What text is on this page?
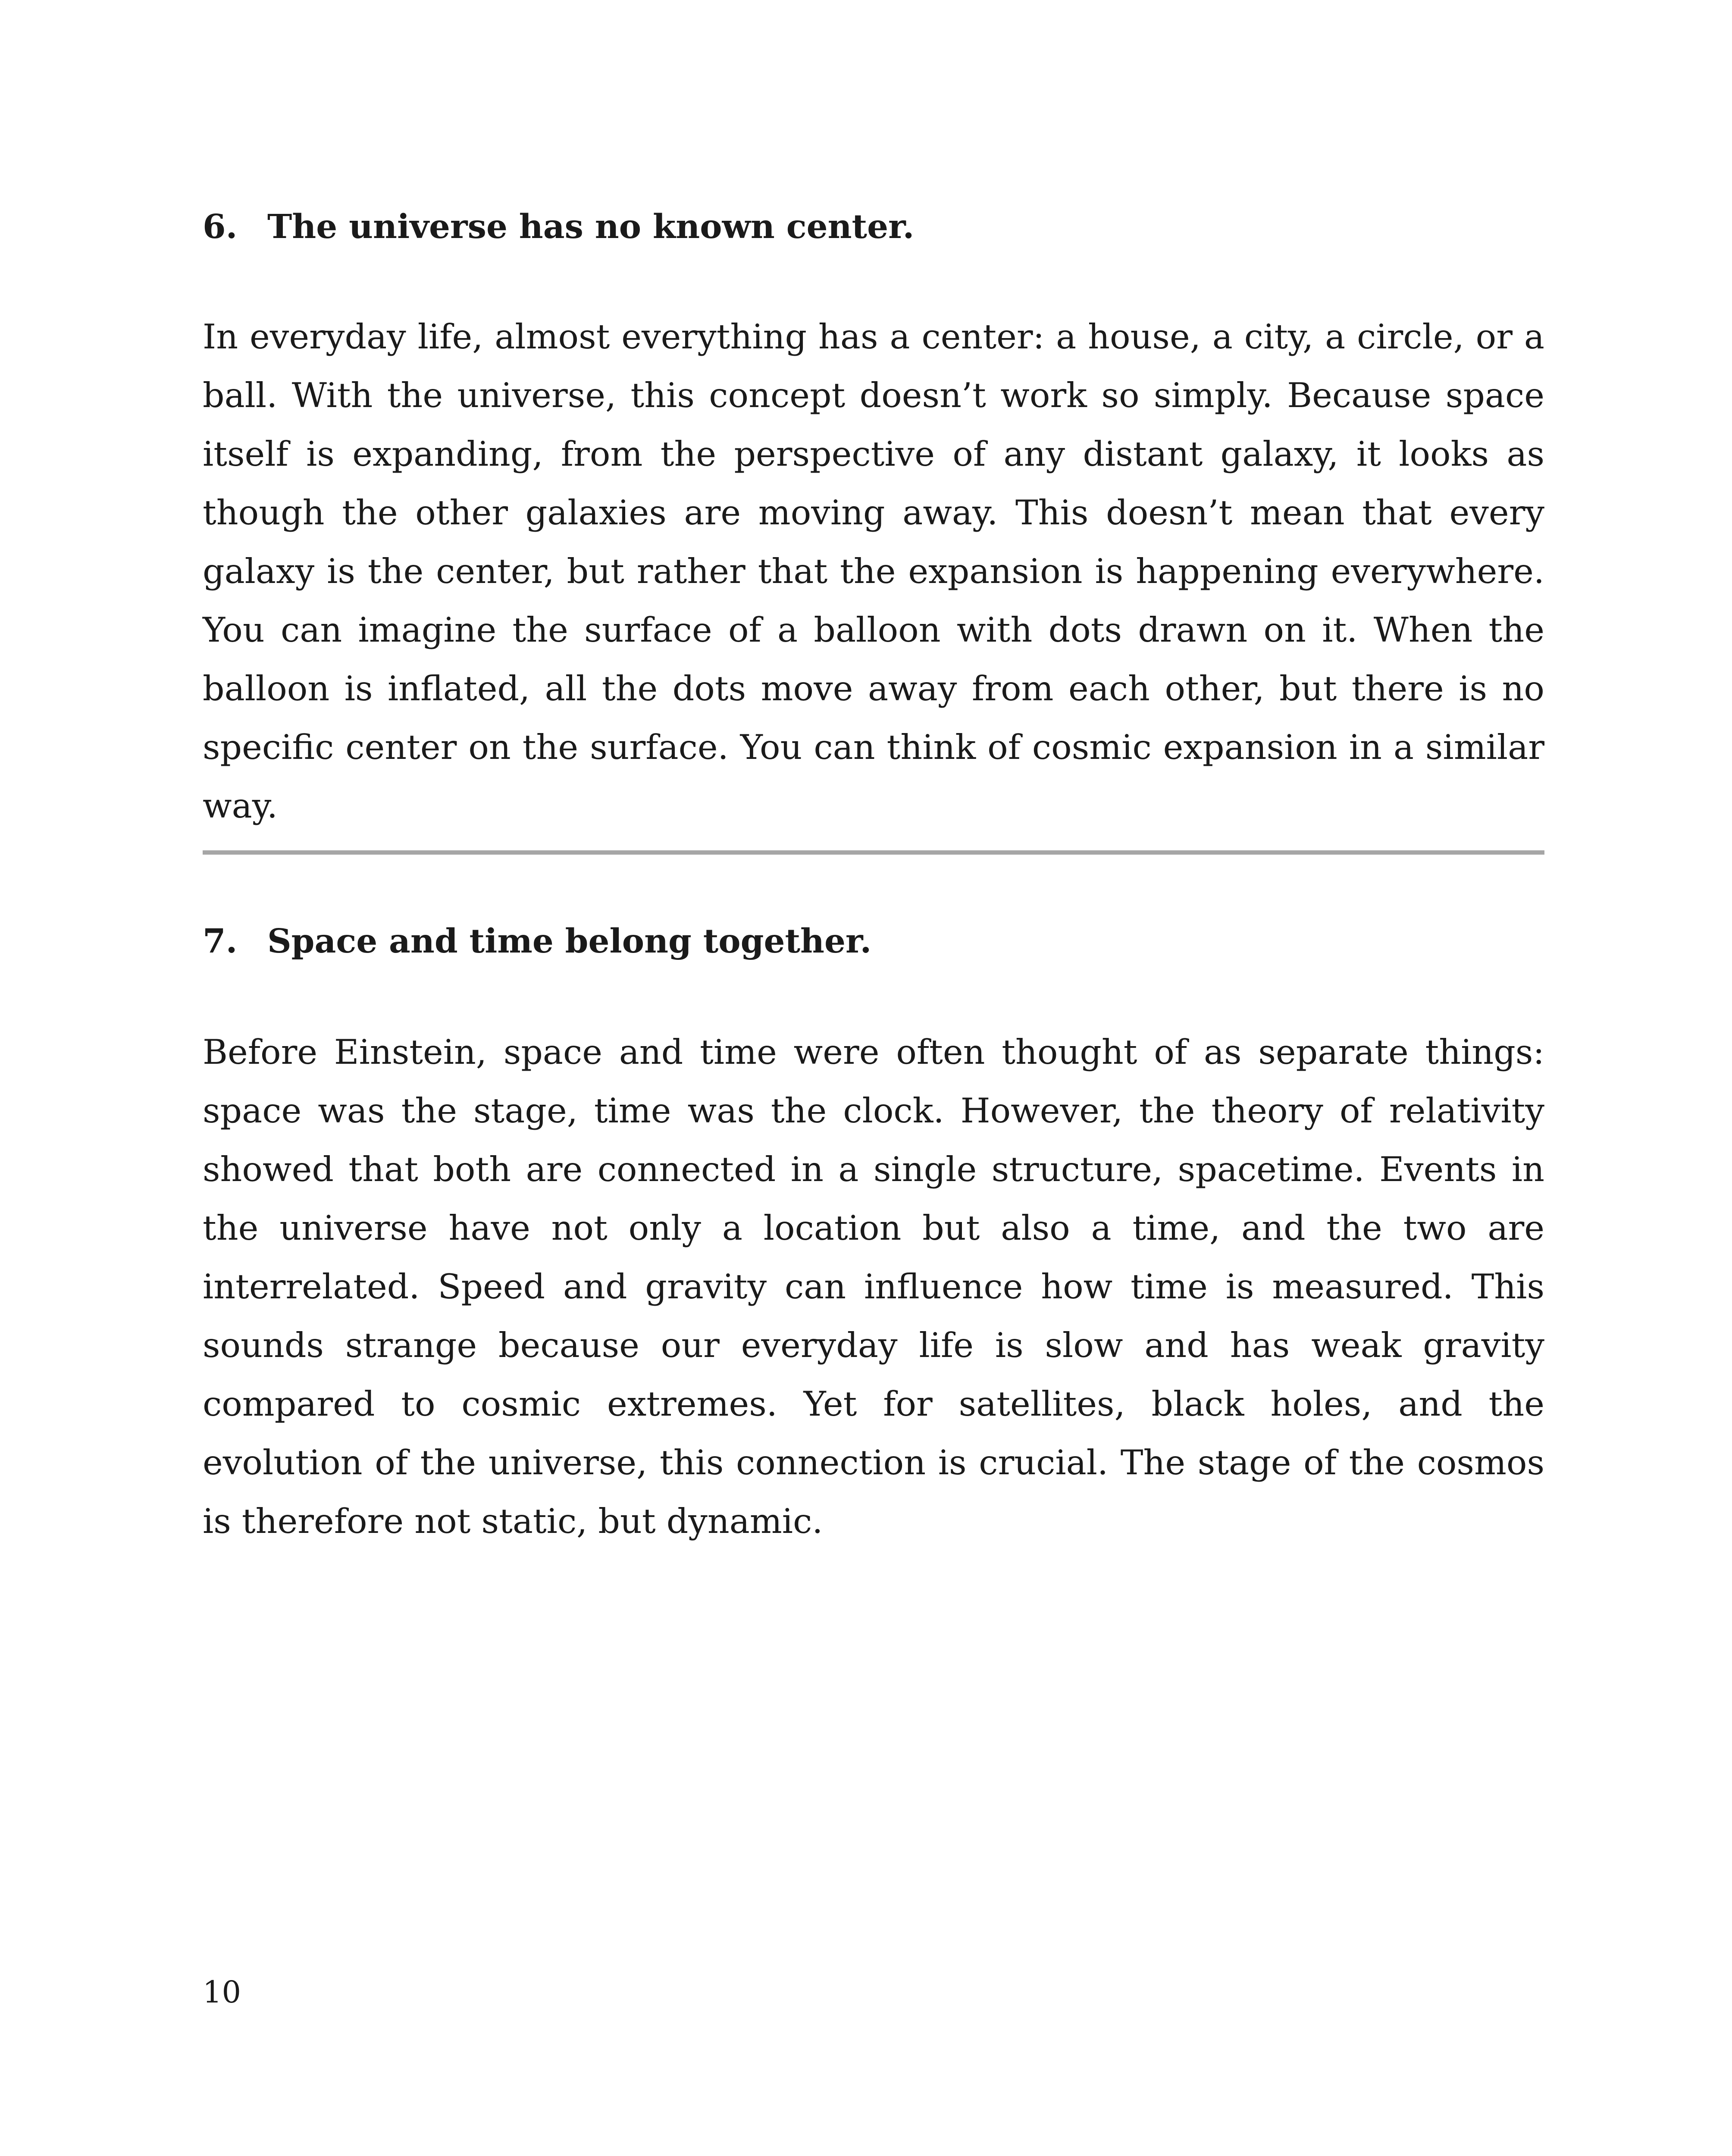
6. The universe has no known center.

In everyday life, almost everything has a center: a house, a city, a circle, or a ball. With the universe, this concept doesn’t work so simply. Because space itself is expanding, from the perspective of any distant galaxy, it looks as though the other galaxies are moving away. This doesn’t mean that every galaxy is the center, but rather that the expansion is happening everywhere. You can imagine the surface of a balloon with dots drawn on it. When the balloon is inflated, all the dots move away from each other, but there is no specific center on the surface. You can think of cosmic expansion in a similar way.

7. Space and time belong together.

Before Einstein, space and time were often thought of as separate things: space was the stage, time was the clock. However, the theory of relativity showed that both are connected in a single structure, spacetime. Events in the universe have not only a location but also a time, and the two are interrelated. Speed and gravity can influence how time is measured. This sounds strange because our everyday life is slow and has weak gravity compared to cosmic extremes. Yet for satellites, black holes, and the evolution of the universe, this connection is crucial. The stage of the cosmos is therefore not static, but dynamic.

10
